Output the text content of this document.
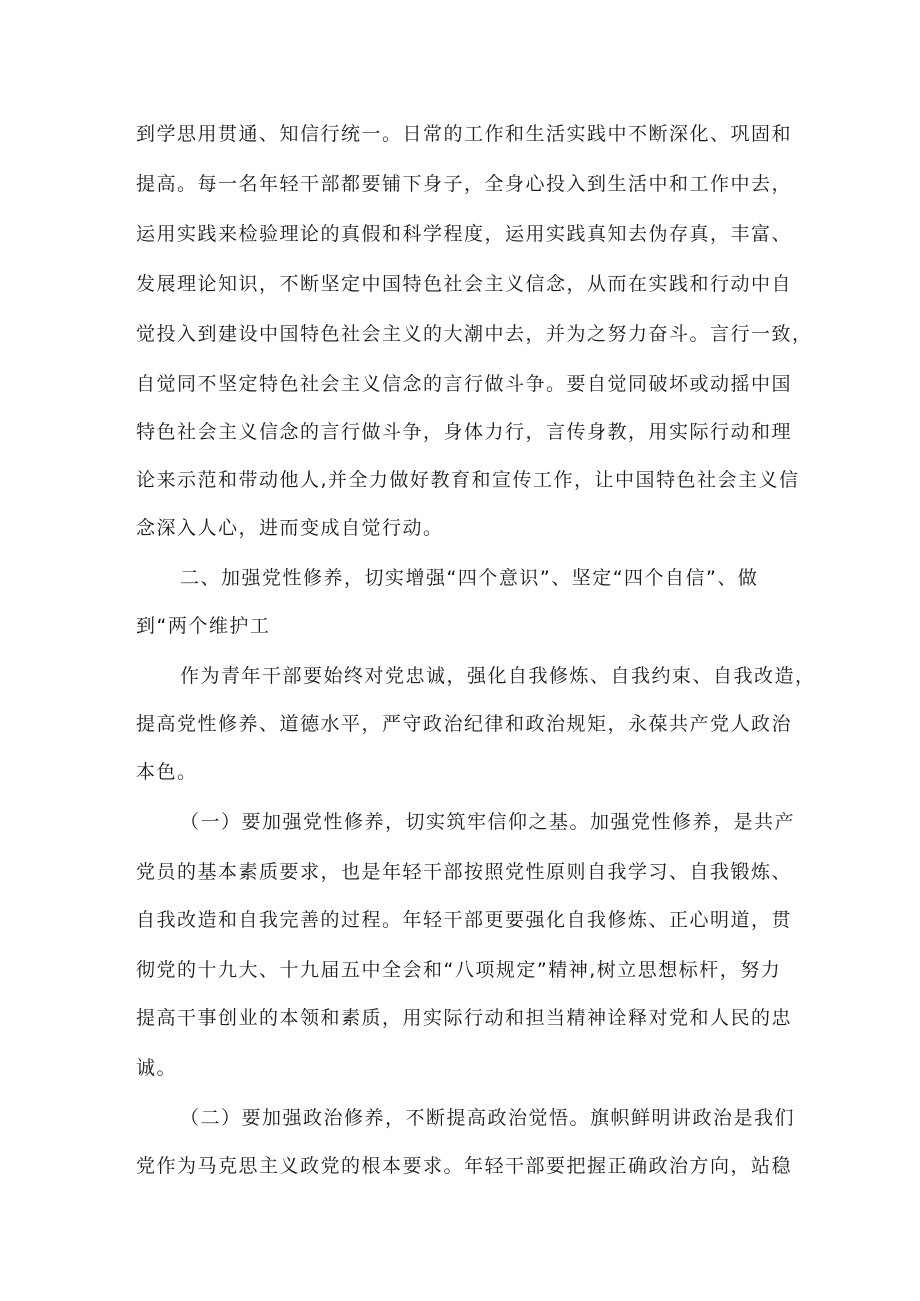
到学思用贯通、知信行统一。日常的工作和生活实践中不断深化、巩固和
提高。每一名年轻干部都要铺下身子，全身心投入到生活中和工作中去，
运用实践来检验理论的真假和科学程度，运用实践真知去伪存真，丰富、
发展理论知识，不断坚定中国特色社会主义信念，从而在实践和行动中自
觉投入到建设中国特色社会主义的大潮中去，并为之努力奋斗。言行一致，
自觉同不坚定特色社会主义信念的言行做斗争。要自觉同破坏或动摇中国
特色社会主义信念的言行做斗争，身体力行，言传身教，用实际行动和理
论来示范和带动他人,并全力做好教育和宣传工作，让中国特色社会主义信
念深入人心，进而变成自觉行动。
二、加强党性修养，切实增强“四个意识”、坚定“四个自信”、做
到“两个维护工
作为青年干部要始终对党忠诚，强化自我修炼、自我约束、自我改造，
提高党性修养、道德水平，严守政治纪律和政治规矩，永葆共产党人政治
本色。
（一）要加强党性修养，切实筑牢信仰之基。加强党性修养，是共产
党员的基本素质要求，也是年轻干部按照党性原则自我学习、自我锻炼、
自我改造和自我完善的过程。年轻干部更要强化自我修炼、正心明道，贯
彻党的十九大、十九届五中全会和“八项规定”精神,树立思想标杆，努力
提高干事创业的本领和素质，用实际行动和担当精神诠释对党和人民的忠
诚。
（二）要加强政治修养，不断提高政治觉悟。旗帜鲜明讲政治是我们
党作为马克思主义政党的根本要求。年轻干部要把握正确政治方向，站稳
